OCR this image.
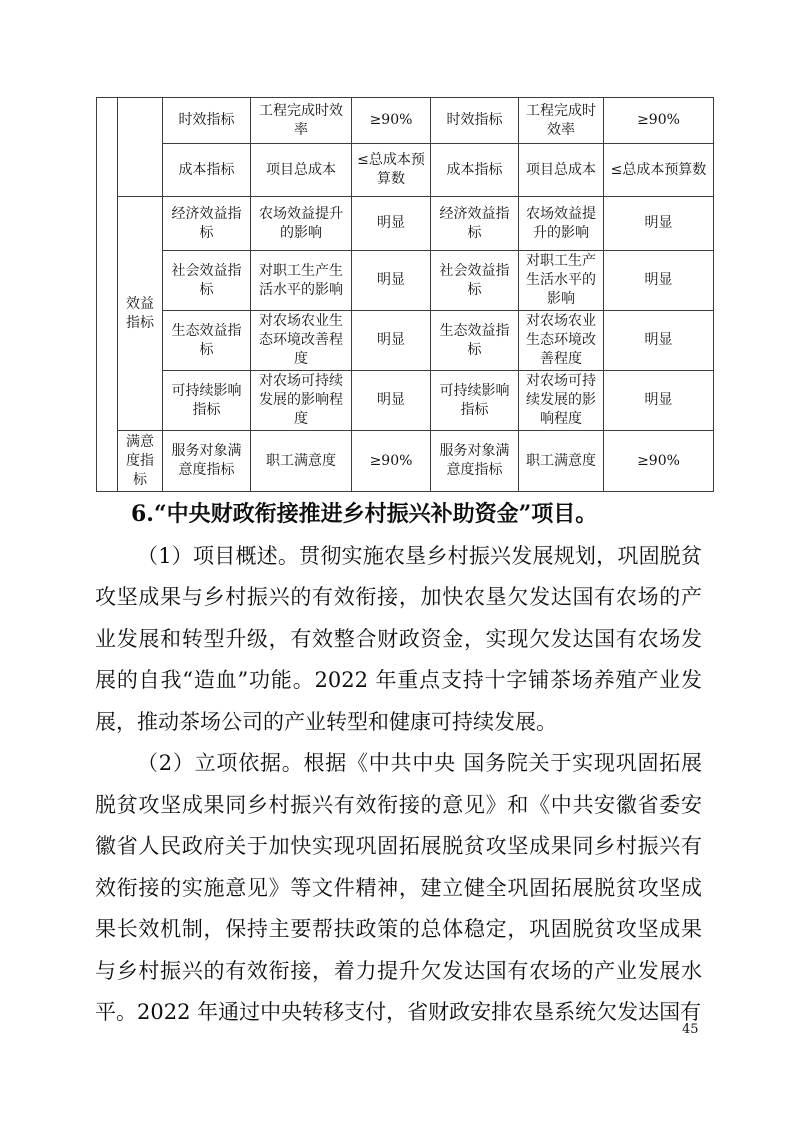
		时效指标	工程完成时效率	≥90%	时效指标	工程完成时效率	≥90%
		成本指标	项目总成本	≤总成本预算数	成本指标	项目总成本	≤总成本预算数
	效益指标	经济效益指标	农场效益提升的影响	明显	经济效益指标	农场效益提升的影响	明显
		社会效益指标	对职工生产生活水平的影响	明显	社会效益指标	对职工生产生活水平的影响	明显
		生态效益指标	对农场农业生态环境改善程度	明显	生态效益指标	对农场农业生态环境改善程度	明显
		可持续影响指标	对农场可持续发展的影响程度	明显	可持续影响指标	对农场可持续发展的影响程度	明显
	满意度指标	服务对象满意度指标	职工满意度	≥90%	服务对象满意度指标	职工满意度	≥90%
6.“中央财政衔接推进乡村振兴补助资金”项目。

（1）项目概述。贯彻实施农垦乡村振兴发展规划，巩固脱贫攻坚成果与乡村振兴的有效衔接，加快农垦欠发达国有农场的产业发展和转型升级，有效整合财政资金，实现欠发达国有农场发展的自我“造血”功能。2022 年重点支持十字铺茶场养殖产业发展，推动茶场公司的产业转型和健康可持续发展。

（2）立项依据。根据《中共中央 国务院关于实现巩固拓展脱贫攻坚成果同乡村振兴有效衔接的意见》和《中共安徽省委安徽省人民政府关于加快实现巩固拓展脱贫攻坚成果同乡村振兴有效衔接的实施意见》等文件精神，建立健全巩固拓展脱贫攻坚成果长效机制，保持主要帮扶政策的总体稳定，巩固脱贫攻坚成果与乡村振兴的有效衔接，着力提升欠发达国有农场的产业发展水平。2022 年通过中央转移支付，省财政安排农垦系统欠发达国有

45
